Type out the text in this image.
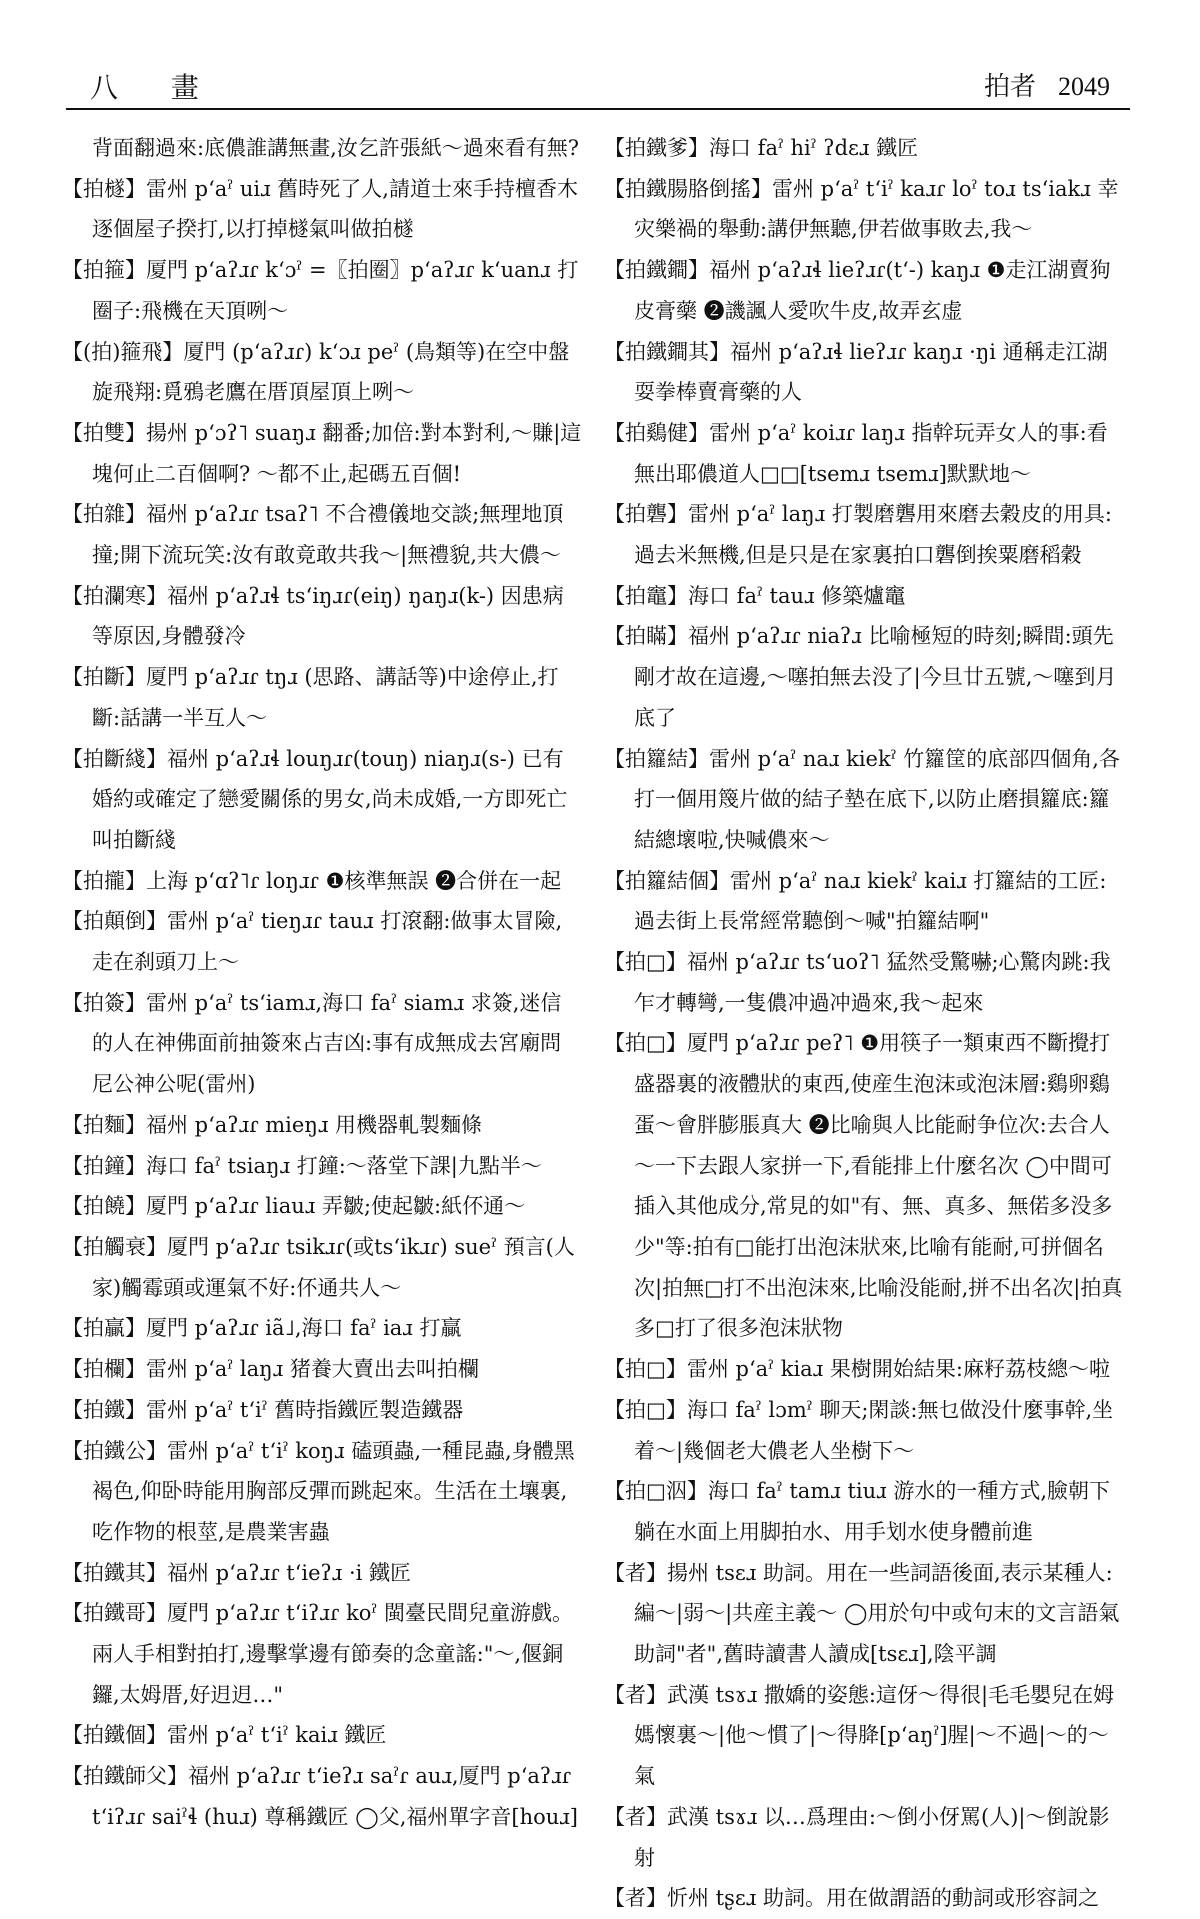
八 畫	拍者 2049

背面翻過來:底儂誰講無畫,汝乞許張紙～過來看有無?

【拍檖】雷州 pʻaˀ uiɹ 舊時死了人,請道士來手持檀香木逐個屋子揆打,以打掉檖氣叫做拍檖

【拍箍】厦門 pʻaʔɹɾ kʻɔˀ =〖拍圈〗pʻaʔɹɾ kʻuanɹ 打圈子:飛機在天頂咧～

【(拍)箍飛】厦門 (pʻaʔɹɾ) kʻɔɹ peˀ (鳥類等)在空中盤旋飛翔:覓鴉老鷹在厝頂屋頂上咧～

【拍雙】揚州 pʻɔʔ˥ suaŋɹ 翻番;加倍:對本對利,～賺|這塊何止二百個啊? ～都不止,起碼五百個!

【拍雜】福州 pʻaʔɹɾ tsaʔ˥ 不合禮儀地交談;無理地頂撞;開下流玩笑:汝有敢竟敢共我～|無禮貌,共大儂～

【拍瀾寒】福州 pʻaʔɹɬ tsʻiŋɹɾ(eiŋ) ŋaŋɹ(k-) 因患病等原因,身體發冷

【拍斷】厦門 pʻaʔɹɾ tŋɹ (思路、講話等)中途停止,打斷:話講一半互人～

【拍斷綫】福州 pʻaʔɹɬ louŋɹɾ(touŋ) niaŋɹ(s-) 已有婚約或確定了戀愛關係的男女,尚未成婚,一方即死亡叫拍斷綫

【拍攏】上海 pʻɑʔ˥ɾ loŋɹɾ ❶核準無誤 ❷合併在一起

【拍顛倒】雷州 pʻaˀ tieŋɹɾ tauɹ 打滾翻:做事太冒險,走在刹頭刀上～

【拍簽】雷州 pʻaˀ tsʻiamɹ,海口 faˀ siamɹ 求簽,迷信的人在神佛面前抽簽來占吉凶:事有成無成去宮廟問尼公神公呢(雷州)

【拍麵】福州 pʻaʔɹɾ mieŋɹ 用機器軋製麵條

【拍鐘】海口 faˀ tsiaŋɹ 打鐘:～落堂下課|九點半～

【拍饒】厦門 pʻaʔɹɾ liauɹ 弄皺;使起皺:紙伓通～

【拍觸衰】厦門 pʻaʔɹɾ tsikɹɾ(或tsʻikɹɾ) sueˀ 預言(人家)觸霉頭或運氣不好:伓通共人～

【拍贏】厦門 pʻaʔɹɾ iã˩,海口 faˀ iaɹ 打贏

【拍欄】雷州 pʻaˀ laŋɹ 猪養大賣出去叫拍欄

【拍鐵】雷州 pʻaˀ tʻiˀ 舊時指鐵匠製造鐵器

【拍鐵公】雷州 pʻaˀ tʻiˀ koŋɹ 磕頭蟲,一種昆蟲,身體黑褐色,仰卧時能用胸部反彈而跳起來。生活在土壤裏,吃作物的根莖,是農業害蟲

【拍鐵其】福州 pʻaʔɹɾ tʻieʔɹ ·i 鐵匠

【拍鐵哥】厦門 pʻaʔɹɾ tʻiʔɹɾ koˀ 閩臺民間兒童游戲。兩人手相對拍打,邊擊掌邊有節奏的念童謠:"～,偃銅鑼,太姆厝,好迌迌…"

【拍鐵個】雷州 pʻaˀ tʻiˀ kaiɹ 鐵匠

【拍鐵師父】福州 pʻaʔɹɾ tʻieʔɹ saˀɾ auɹ,厦門 pʻaʔɹɾ tʻiʔɹɾ saiˀɬ (huɹ) 尊稱鐵匠 ◯父,福州單字音[houɹ]

【拍鐵爹】海口 faˀ hiˀ ʔdɛɹ 鐵匠

【拍鐵腸胳倒搖】雷州 pʻaˀ tʻiˀ kaɹɾ loˀ toɹ tsʻiakɹ 幸灾樂禍的舉動:講伊無聽,伊若做事敗去,我～

【拍鐵鐧】福州 pʻaʔɹɬ lieʔɹɾ(tʻ-) kaŋɹ ❶走江湖賣狗皮膏藥 ❷譏諷人愛吹牛皮,故弄玄虚

【拍鐵鐧其】福州 pʻaʔɹɬ lieʔɹɾ kaŋɹ ·ŋi 通稱走江湖耍拳棒賣膏藥的人

【拍鷄健】雷州 pʻaˀ koiɹɾ laŋɹ 指幹玩弄女人的事:看無出耶儂道人□□[tsemɹ tsemɹ]默默地～

【拍礱】雷州 pʻaˀ laŋɹ 打製磨礱用來磨去穀皮的用具:過去米無機,但是只是在家裏拍口礱倒挨粟磨稻穀

【拍竈】海口 faˀ tauɹ 修築爐竈

【拍瞞】福州 pʻaʔɹɾ niaʔɹ 比喻極短的時刻;瞬間:頭先剛才故在這邊,～噻拍無去没了|今旦廿五號,～噻到月底了

【拍籮結】雷州 pʻaˀ naɹ kiekˀ 竹籮筐的底部四個角,各打一個用篾片做的結子墊在底下,以防止磨損籮底:籮結總壞啦,快喊儂來～

【拍籮結個】雷州 pʻaˀ naɹ kiekˀ kaiɹ 打籮結的工匠:過去街上長常經常聽倒～喊"拍籮結啊"

【拍□】福州 pʻaʔɹɾ tsʻuoʔ˥ 猛然受驚嚇;心驚肉跳:我乍才轉彎,一隻儂冲過冲過來,我～起來

【拍□】厦門 pʻaʔɹɾ peʔ˥ ❶用筷子一類東西不斷攪打盛器裏的液體狀的東西,使産生泡沫或泡沫層:鷄卵鷄蛋～會胖膨脹真大 ❷比喻與人比能耐争位次:去合人～一下去跟人家拼一下,看能排上什麼名次 ◯中間可插入其他成分,常見的如"有、無、真多、無偌多没多少"等:拍有□能打出泡沫狀來,比喻有能耐,可拼個名次|拍無□打不出泡沫來,比喻没能耐,拼不出名次|拍真多□打了很多泡沫狀物

【拍□】雷州 pʻaˀ kiaɹ 果樹開始結果:麻籽荔枝總～啦

【拍□】海口 faˀ lɔmˀ 聊天;閑談:無乜做没什麼事幹,坐着～|幾個老大儂老人坐樹下～

【拍□泅】海口 faˀ tamɹ tiuɹ 游水的一種方式,臉朝下躺在水面上用脚拍水、用手划水使身體前進

【者】揚州 tsɛɹ 助詞。用在一些詞語後面,表示某種人:編～|弱～|共産主義～ ◯用於句中或句末的文言語氣助詞"者",舊時讀書人讀成[tsɛɹ],陰平調

【者】武漢 tsɤɹ 撒嬌的姿態:這伢～得很|毛毛嬰兒在姆媽懷裏～|他～慣了|～得胮[pʻaŋˀ]腥|～不過|～的～氣

【者】武漢 tsɤɹ 以…爲理由:～倒小伢罵(人)|～倒說影射

【者】忻州 tʂɛɹ 助詞。用在做謂語的動詞或形容詞之
